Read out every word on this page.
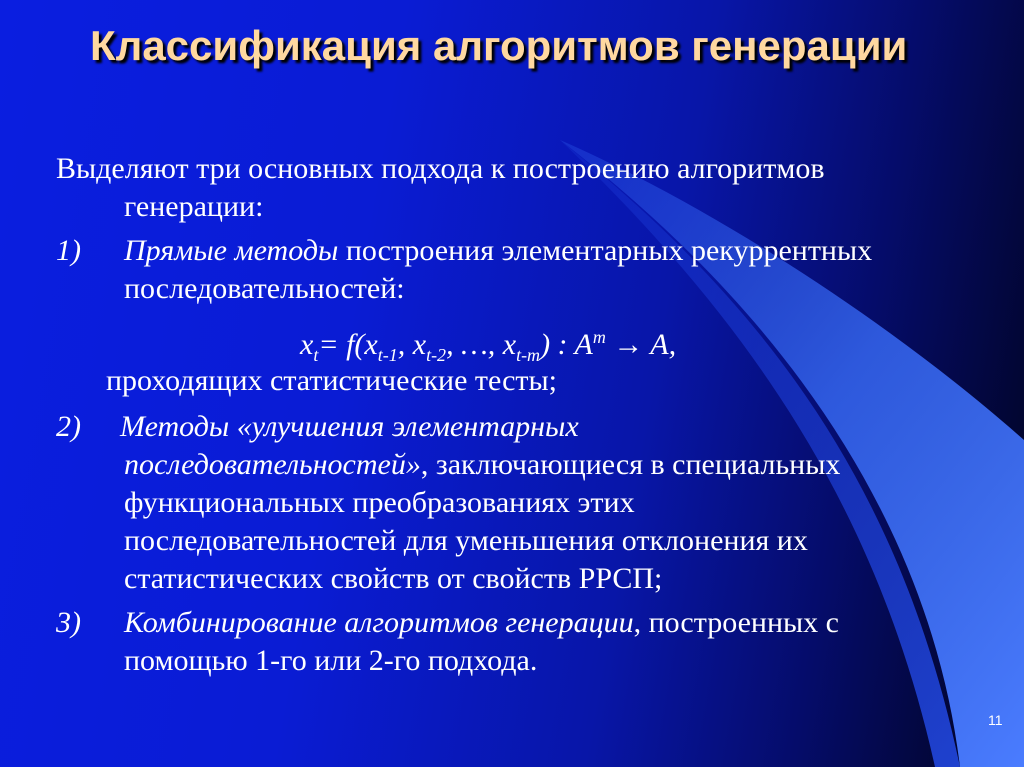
Классификация алгоритмов генерации
Выделяют три основных подхода к построению алгоритмов
генерации:
1) Прямые методы построения элементарных рекуррентных
последовательностей:
$x_t= f(x_{t-1}$, $x_{t-2}$, …, $x_{t-m}$) : $A^m \to A$,
проходящих статистические тесты;
2) Методы «улучшения элементарных
последовательностей», заключающиеся в специальных
функциональных преобразованиях этих
последовательностей для уменьшения отклонения их
статистических свойств от свойств РРСП;
3) Комбинирование алгоритмов генерации, построенных с
помощью 1-го или 2-го подхода.
11
